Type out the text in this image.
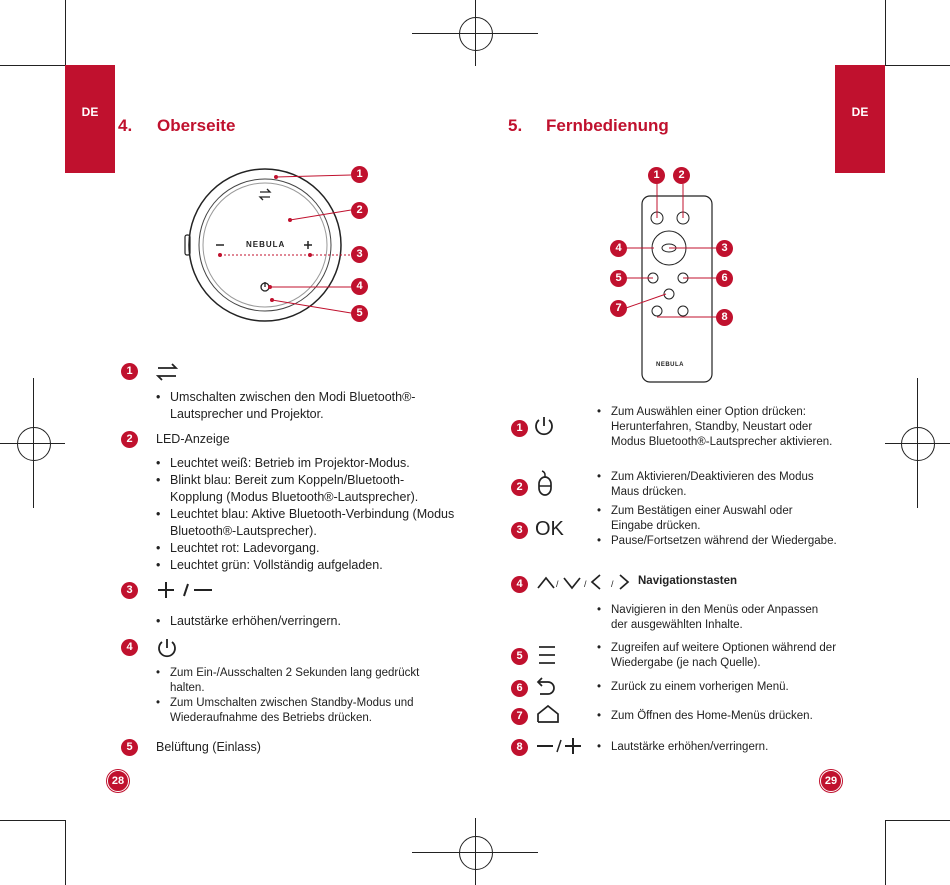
DE
4. Oberseite
NEBULA
1
2
3
4
5
1
• Umschalten zwischen den Modi Bluetooth®-Lautsprecher und Projektor.
2	LED-Anzeige
• Leuchtet weiß: Betrieb im Projektor-Modus.
• Blinkt blau: Bereit zum Koppeln/Bluetooth-Kopplung (Modus Bluetooth®-Lautsprecher).
• Leuchtet blau: Aktive Bluetooth-Verbindung (Modus Bluetooth®-Lautsprecher).
• Leuchtet rot: Ladevorgang.
• Leuchtet grün: Vollständig aufgeladen.
3
• Lautstärke erhöhen/verringern.
4
• Zum Ein-/Ausschalten 2 Sekunden lang gedrückt halten.
• Zum Umschalten zwischen Standby-Modus und Wiederaufnahme des Betriebs drücken.
5	Belüftung (Einlass)
28
DE
5. Fernbedienung
NEBULA
1	2
4	3
5	6
7
8
1
• Zum Auswählen einer Option drücken: Herunterfahren, Standby, Neustart oder Modus Bluetooth®-Lautsprecher aktivieren.
2
• Zum Aktivieren/Deaktivieren des Modus Maus drücken.
3 OK
• Zum Bestätigen einer Auswahl oder Eingabe drücken.
• Pause/Fortsetzen während der Wiedergabe.
4	/	/	/ Navigationstasten
• Navigieren in den Menüs oder Anpassen der ausgewählten Inhalte.
5
• Zugreifen auf weitere Optionen während der Wiedergabe (je nach Quelle).
6	• Zurück zu einem vorherigen Menü.
7	• Zum Öffnen des Home-Menüs drücken.
8	• Lautstärke erhöhen/verringern.
29
